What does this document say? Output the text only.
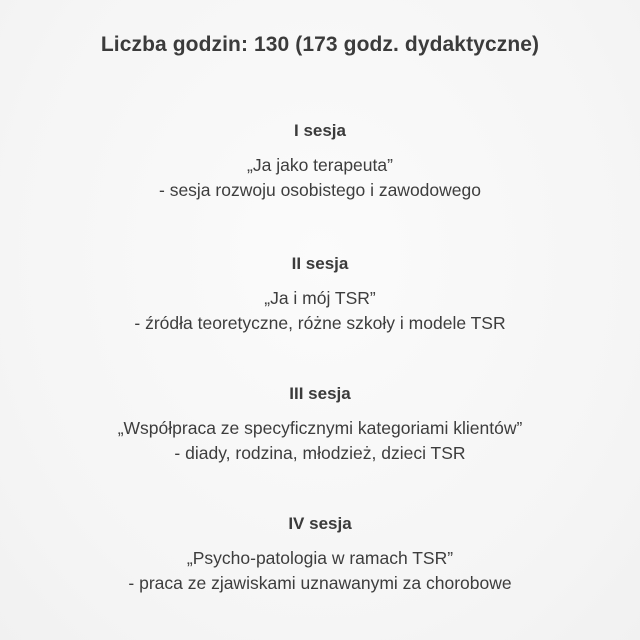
Liczba godzin: 130 (173 godz. dydaktyczne)
I sesja
„Ja jako terapeuta”
- sesja rozwoju osobistego i zawodowego
II sesja
„Ja i mój TSR”
- źródła teoretyczne, różne szkoły i modele TSR
III sesja
„Współpraca ze specyficznymi kategoriami klientów”
- diady, rodzina, młodzież, dzieci TSR
IV sesja
„Psycho-patologia w ramach TSR”
- praca ze zjawiskami uznawanymi za chorobowe
